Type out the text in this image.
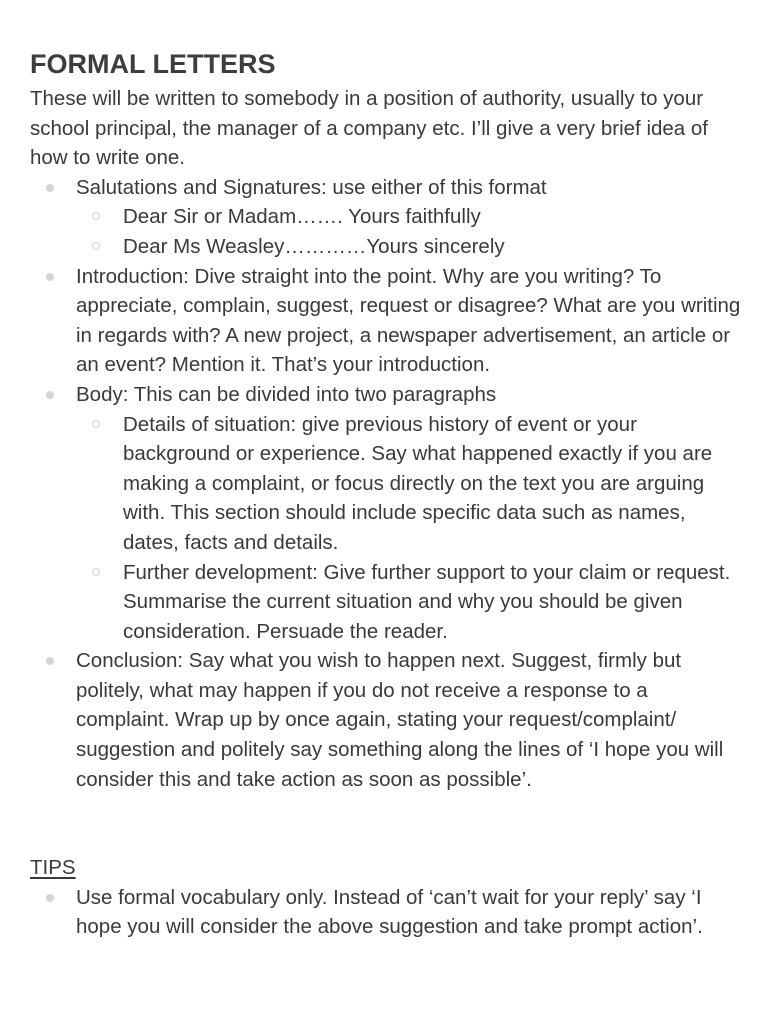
FORMAL LETTERS

These will be written to somebody in a position of authority, usually to your school principal, the manager of a company etc. I’ll give a very brief idea of how to write one.

Salutations and Signatures: use either of this format
Dear Sir or Madam……. Yours faithfully
Dear Ms Weasley…………Yours sincerely
Introduction: Dive straight into the point. Why are you writing? To appreciate, complain, suggest, request or disagree? What are you writing in regards with? A new project, a newspaper advertisement, an article or an event? Mention it. That’s your introduction.
Body: This can be divided into two paragraphs
Details of situation: give previous history of event or your background or experience. Say what happened exactly if you are making a complaint, or focus directly on the text you are arguing with. This section should include specific data such as names, dates, facts and details.
Further development: Give further support to your claim or request. Summarise the current situation and why you should be given consideration. Persuade the reader.
Conclusion: Say what you wish to happen next. Suggest, firmly but politely, what may happen if you do not receive a response to a complaint. Wrap up by once again, stating your request/complaint/ suggestion and politely say something along the lines of ‘I hope you will consider this and take action as soon as possible’.

TIPS

Use formal vocabulary only. Instead of ‘can’t wait for your reply’ say ‘I hope you will consider the above suggestion and take prompt action’.
